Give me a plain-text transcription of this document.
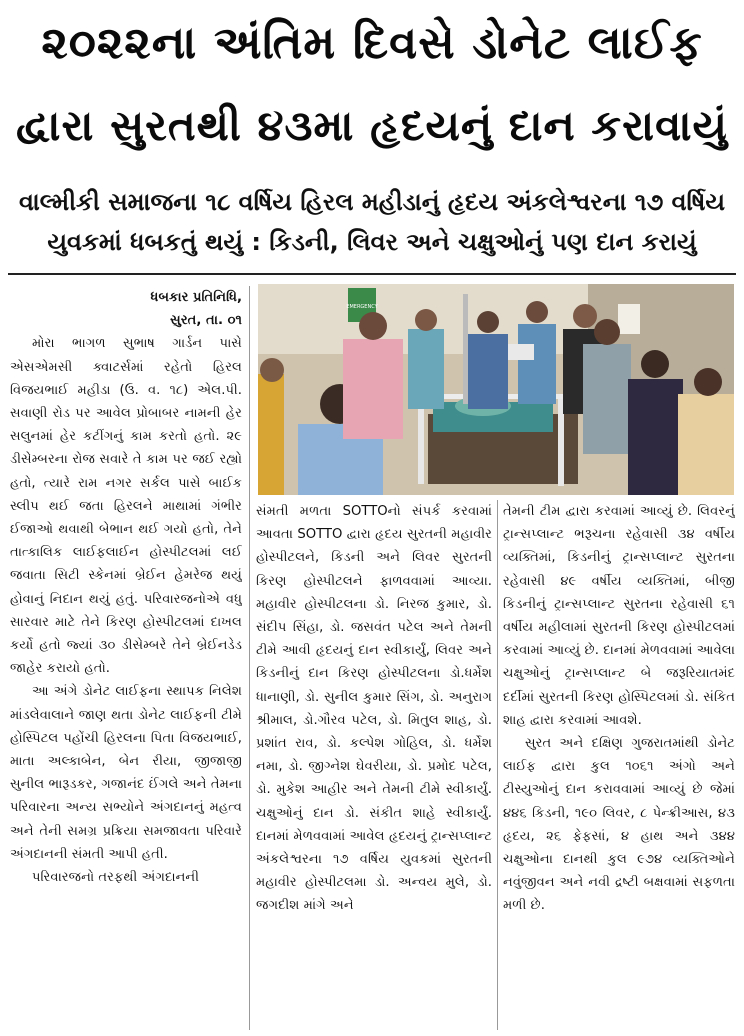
૨૦૨૨ના અંતિમ દિવસે ડોનેટ લાઈફ
દ્વારા સુરતથી ૪૩મા હૃદયનું દાન કરાવાયું
વાલ્મીકી સમાજના ૧૮ વર્ષિય હિરલ મહીડાનું હૃદય અંકલેશ્વરના ૧૭ વર્ષિય
યુવકમાં ધબકતું થયું : કિડની, લિવર અને ચક્ષુઓનું પણ દાન કરાયું
EMERGENCY

ધબકાર પ્રતિનિધિ,

સુરત, તા. ૦૧

મોરા ભાગળ સુભાષ ગાર્ડન પાસે એસએમસી ક્વાટર્સમાં રહેતો હિરલ વિજયભાઈ મહીડા (ઉ. વ. ૧૮) એલ.પી. સવાણી રોડ પર આવેલ પ્રોબાબર નામની હેર સલુનમાં હેર કટીંગનું કામ કરતો હતો. ૨૯ ડીસેમ્બરના રોજ સવારે તે કામ પર જઈ રહ્યો હતો, ત્યારે રામ નગર સર્કલ પાસે બાઈક સ્લીપ થઈ જતા હિરલને માથામાં ગંભીર ઈજાઓ થવાથી બેભાન થઈ ગયો હતો, તેને તાત્કાલિક લાઈફલાઈન હોસ્પીટલમાં લઈ જવાતા સિટી સ્કેનમાં બ્રેઈન હેમરેજ થયું હોવાનું નિદાન થયું હતું. પરિવારજનોએ વધુ સારવાર માટે તેને કિરણ હોસ્પીટલમાં દાખલ કર્યો હતો જ્યાં ૩૦ ડીસેમ્બરે તેને બ્રેઈનડેડ જાહેર કરાયો હતો.

આ અંગે ડોનેટ લાઈફના સ્થાપક નિલેશ માંડલેવાલાને જાણ થતા ડોનેટ લાઈફની ટીમે હોસ્પિટલ પહોંચી હિરલના પિતા વિજયભાઈ, માતા અલ્કાબેન, બેન રીયા, જીજાજી સુનીલ ભારૂડકર, ગજાનંદ ઈંગલે અને તેમના પરિવારના અન્ય સભ્યોને અંગદાનનું મહત્વ અને તેની સમગ્ર પ્રક્રિયા સમજાવતા પરિવારે અંગદાનની સંમતી આપી હતી.

પરિવારજનો તરફથી અંગદાનની

સંમતી મળતા SOTTOનો સંપર્ક કરવામાં આવતા SOTTO દ્વારા હૃદય સુરતની મહાવીર હોસ્પીટલને, કિડની અને લિવર સુરતની કિરણ હોસ્પીટલને ફાળવવામાં આવ્યા. મહાવીર હોસ્પીટલના ડો. નિરજ કુમાર, ડો. સંદીપ સિંહા, ડો. જસવંત પટેલ અને તેમની ટીમે આવી હૃદયનું દાન સ્વીકાર્યું, લિવર અને કિડનીનું દાન કિરણ હોસ્પીટલના ડો.ધર્મેશ ધાનાણી, ડો. સુનીલ કુમાર સિંગ, ડો. અનુરાગ શ્રીમાલ, ડો.ગૌરવ પટેલ, ડો. મિતુલ શાહ, ડો. પ્રશાંત રાવ, ડો. કલ્પેશ ગોહિલ, ડો. ધર્મેશ નમા, ડો. જીગ્નેશ ઘેવરીયા, ડો. પ્રમોદ પટેલ, ડો. મુકેશ આહીર અને તેમની ટીમે સ્વીકાર્યું. ચક્ષુઓનું દાન ડો. સંકીત શાહે સ્વીકાર્યું. દાનમાં મેળવવામાં આવેલ હૃદયનું ટ્રાન્સપ્લાન્ટ અંકલેશ્વરના ૧૭ વર્ષિય યુવકમાં સુરતની મહાવીર હોસ્પીટલમા ડો. અન્વય મુલે, ડો. જગદીશ માંગે અને

તેમની ટીમ દ્વારા કરવામાં આવ્યું છે. લિવરનું ટ્રાન્સપ્લાન્ટ ભરૂચના રહેવાસી ૩૪ વર્ષીય વ્યક્તિમાં, કિડનીનું ટ્રાન્સપ્લાન્ટ સુરતના રહેવાસી ૪૯ વર્ષીય વ્યક્તિમાં, બીજી કિડનીનું ટ્રાન્સપ્લાન્ટ સુરતના રહેવાસી ૬૧ વર્ષીય મહીલામાં સુરતની કિરણ હોસ્પીટલમાં કરવામાં આવ્યું છે. દાનમાં મેળવવામાં આવેલા ચક્ષુઓનું ટ્રાન્સપ્લાન્ટ બે જરૂરિયાતમંદ દર્દીમાં સુરતની કિરણ હોસ્પિટલમાં ડો. સંકિત શાહ દ્વારા કરવામાં આવશે.

સુરત અને દક્ષિણ ગુજરાતમાંથી ડોનેટ લાઈફ દ્વારા કુલ ૧૦૬૧ અંગો અને ટીસ્યુઓનું દાન કરાવવામાં આવ્યું છે જેમાં ૪૪૬ કિડની, ૧૯૦ લિવર, ૮ પેન્ક્રીઆસ, ૪૩ હૃદય, ૨૬ ફેફસાં, ૪ હાથ અને ૩૪૪ ચક્ષુઓના દાનથી કુલ ૯૭૪ વ્યક્તિઓને નવુંજીવન અને નવી દ્રષ્ટી બક્ષવામાં સફળતા મળી છે.
